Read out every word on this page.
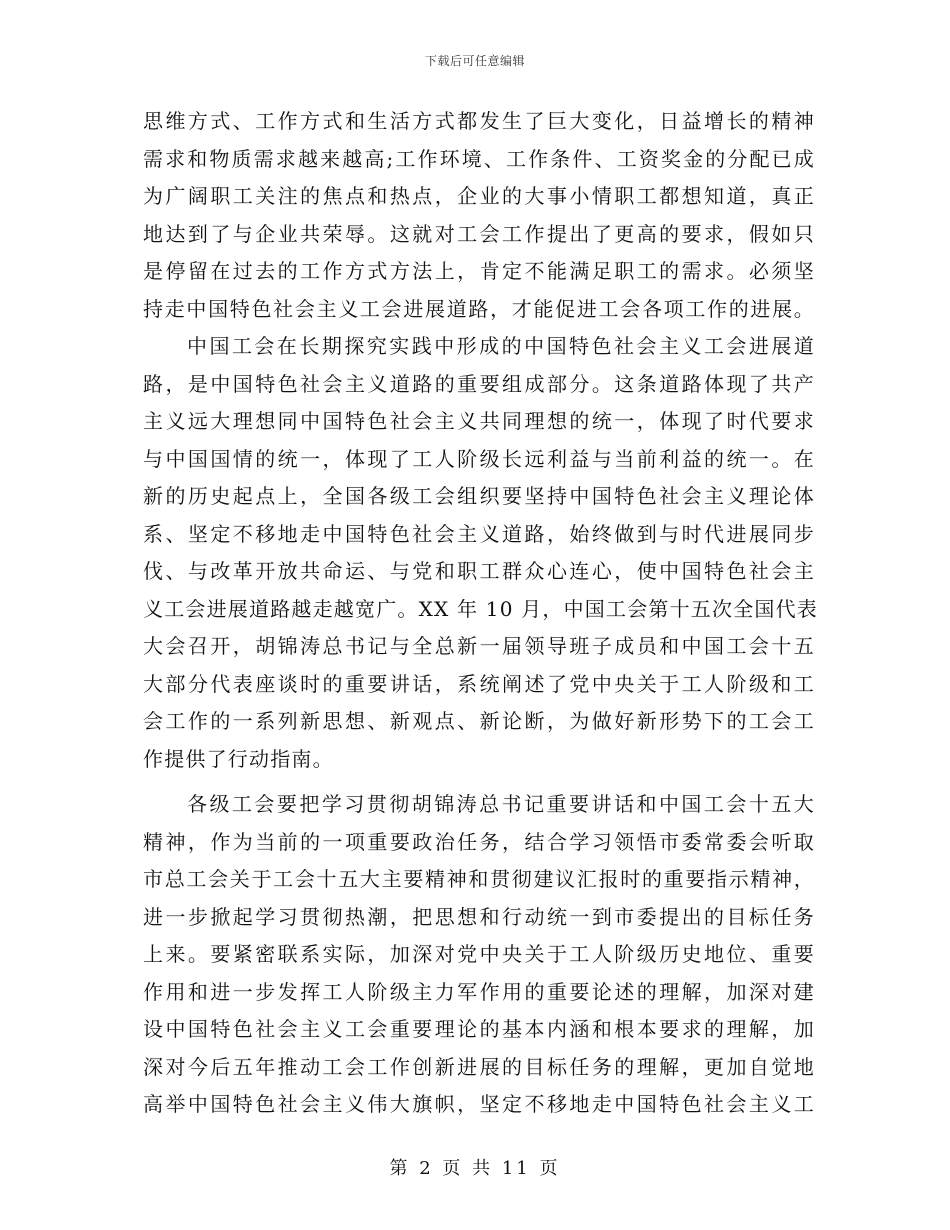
下载后可任意编辑
思维方式、工作方式和生活方式都发生了巨大变化，日益增长的精神
需求和物质需求越来越高;工作环境、工作条件、工资奖金的分配已成
为广阔职工关注的焦点和热点，企业的大事小情职工都想知道，真正
地达到了与企业共荣辱。这就对工会工作提出了更高的要求，假如只
是停留在过去的工作方式方法上，肯定不能满足职工的需求。必须坚
持走中国特色社会主义工会进展道路，才能促进工会各项工作的进展。
中国工会在长期探究实践中形成的中国特色社会主义工会进展道
路，是中国特色社会主义道路的重要组成部分。这条道路体现了共产
主义远大理想同中国特色社会主义共同理想的统一，体现了时代要求
与中国国情的统一，体现了工人阶级长远利益与当前利益的统一。在
新的历史起点上，全国各级工会组织要坚持中国特色社会主义理论体
系、坚定不移地走中国特色社会主义道路，始终做到与时代进展同步
伐、与改革开放共命运、与党和职工群众心连心，使中国特色社会主
义工会进展道路越走越宽广。XX 年 10 月，中国工会第十五次全国代表
大会召开，胡锦涛总书记与全总新一届领导班子成员和中国工会十五
大部分代表座谈时的重要讲话，系统阐述了党中央关于工人阶级和工
会工作的一系列新思想、新观点、新论断，为做好新形势下的工会工
作提供了行动指南。
各级工会要把学习贯彻胡锦涛总书记重要讲话和中国工会十五大
精神，作为当前的一项重要政治任务，结合学习领悟市委常委会听取
市总工会关于工会十五大主要精神和贯彻建议汇报时的重要指示精神，
进一步掀起学习贯彻热潮，把思想和行动统一到市委提出的目标任务
上来。要紧密联系实际，加深对党中央关于工人阶级历史地位、重要
作用和进一步发挥工人阶级主力军作用的重要论述的理解，加深对建
设中国特色社会主义工会重要理论的基本内涵和根本要求的理解，加
深对今后五年推动工会工作创新进展的目标任务的理解，更加自觉地
高举中国特色社会主义伟大旗帜，坚定不移地走中国特色社会主义工
第 2 页 共 11 页
